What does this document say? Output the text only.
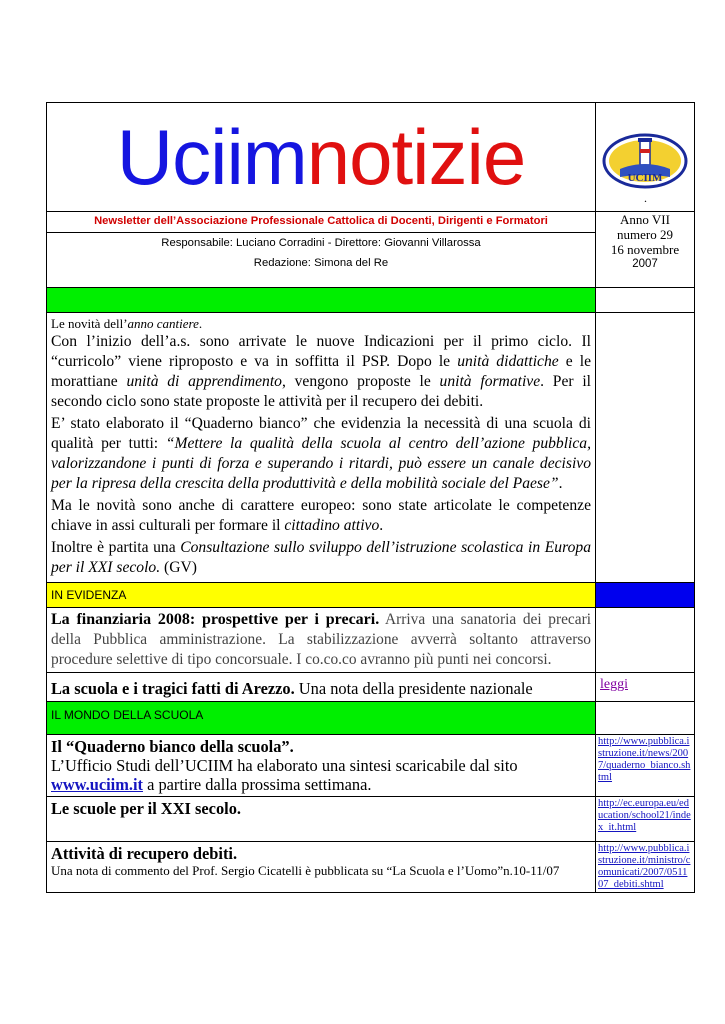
Uciimnotizie	UCIIM
.

Newsletter dell’Associazione Professionale Cattolica di Docenti, Dirigenti e Formatori	Anno VII
numero 29
16 novembre
2007

Responsabile: Luciano Corradini - Direttore: Giovanni Villarossa
Redazione: Simona del Re	

Le novità dell’anno cantiere.

Con l’inizio dell’a.s. sono arrivate le nuove Indicazioni per il primo ciclo. Il “curricolo” viene riproposto e va in soffitta il PSP. Dopo le unità didattiche e le morattiane unità di apprendimento, vengono proposte le unità formative. Per il secondo ciclo sono state proposte le attività per il recupero dei debiti.

E’ stato elaborato il “Quaderno bianco” che evidenzia la necessità di una scuola di qualità per tutti: “Mettere la qualità della scuola al centro dell’azione pubblica, valorizzandone i punti di forza e superando i ritardi, può essere un canale decisivo per la ripresa della crescita della produttività e della mobilità sociale del Paese”.

Ma le novità sono anche di carattere europeo: sono state articolate le competenze chiave in assi culturali per formare il cittadino attivo.

Inoltre è partita una Consultazione sullo sviluppo dell’istruzione scolastica in Europa per il XXI secolo. (GV)	

IN EVIDENZA	
La finanziaria 2008: prospettive per i precari. Arriva una sanatoria dei precari della Pubblica amministrazione. La stabilizzazione avverrà soltanto attraverso procedure selettive di tipo concorsuale. I co.co.co avranno più punti nei concorsi.	
La scuola e i tragici fatti di Arezzo. Una nota della presidente nazionale	leggi

IL MONDO DELLA SCUOLA	

Il “Quaderno bianco della scuola”.
L’Ufficio Studi dell’UCIIM ha elaborato una sintesi scaricabile dal sito
www.uciim.it a partire dalla prossima settimana.	http://www.pubblica.istruzione.it/news/2007/quaderno_bianco.shtml

Le scuole per il XXI secolo.	http://ec.europa.eu/education/school21/index_it.html

Attività di recupero debiti.
Una nota di commento del Prof. Sergio Cicatelli è pubblicata su “La Scuola e l’Uomo”n.10-11/07	http://www.pubblica.istruzione.it/ministro/comunicati/2007/051107_debiti.shtml
